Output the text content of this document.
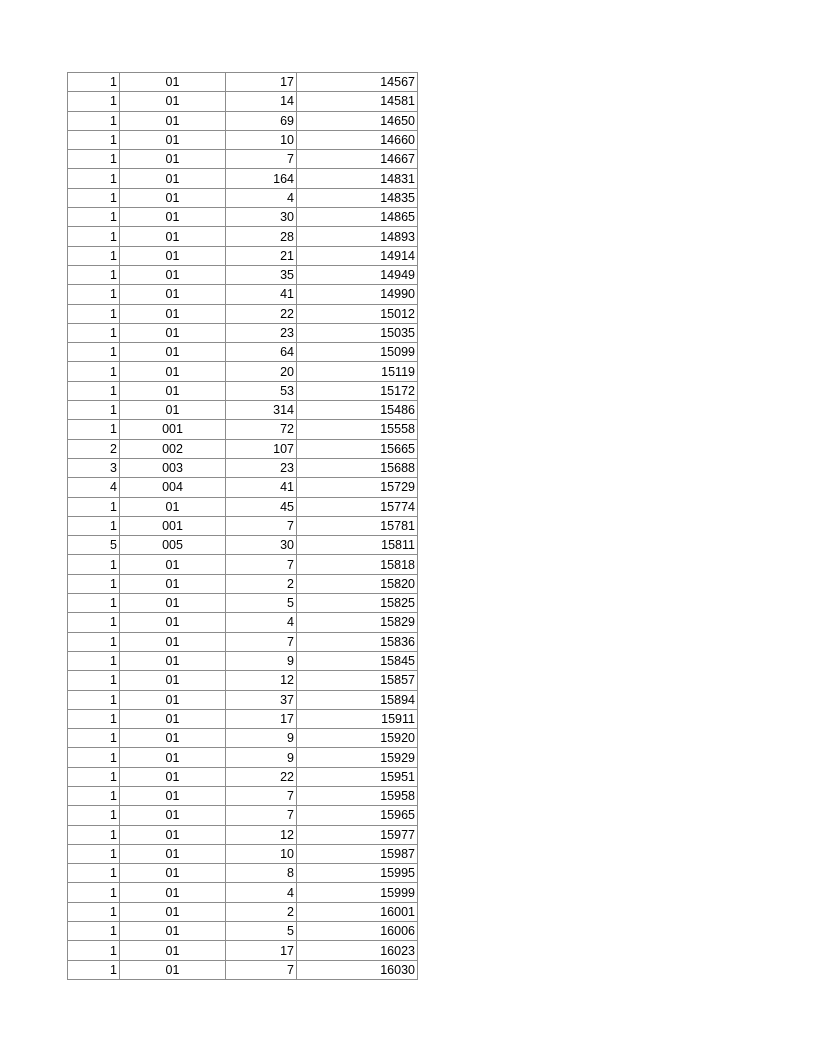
1	01	17	14567
1	01	14	14581
1	01	69	14650
1	01	10	14660
1	01	7	14667
1	01	164	14831
1	01	4	14835
1	01	30	14865
1	01	28	14893
1	01	21	14914
1	01	35	14949
1	01	41	14990
1	01	22	15012
1	01	23	15035
1	01	64	15099
1	01	20	15119
1	01	53	15172
1	01	314	15486
1	001	72	15558
2	002	107	15665
3	003	23	15688
4	004	41	15729
1	01	45	15774
1	001	7	15781
5	005	30	15811
1	01	7	15818
1	01	2	15820
1	01	5	15825
1	01	4	15829
1	01	7	15836
1	01	9	15845
1	01	12	15857
1	01	37	15894
1	01	17	15911
1	01	9	15920
1	01	9	15929
1	01	22	15951
1	01	7	15958
1	01	7	15965
1	01	12	15977
1	01	10	15987
1	01	8	15995
1	01	4	15999
1	01	2	16001
1	01	5	16006
1	01	17	16023
1	01	7	16030
